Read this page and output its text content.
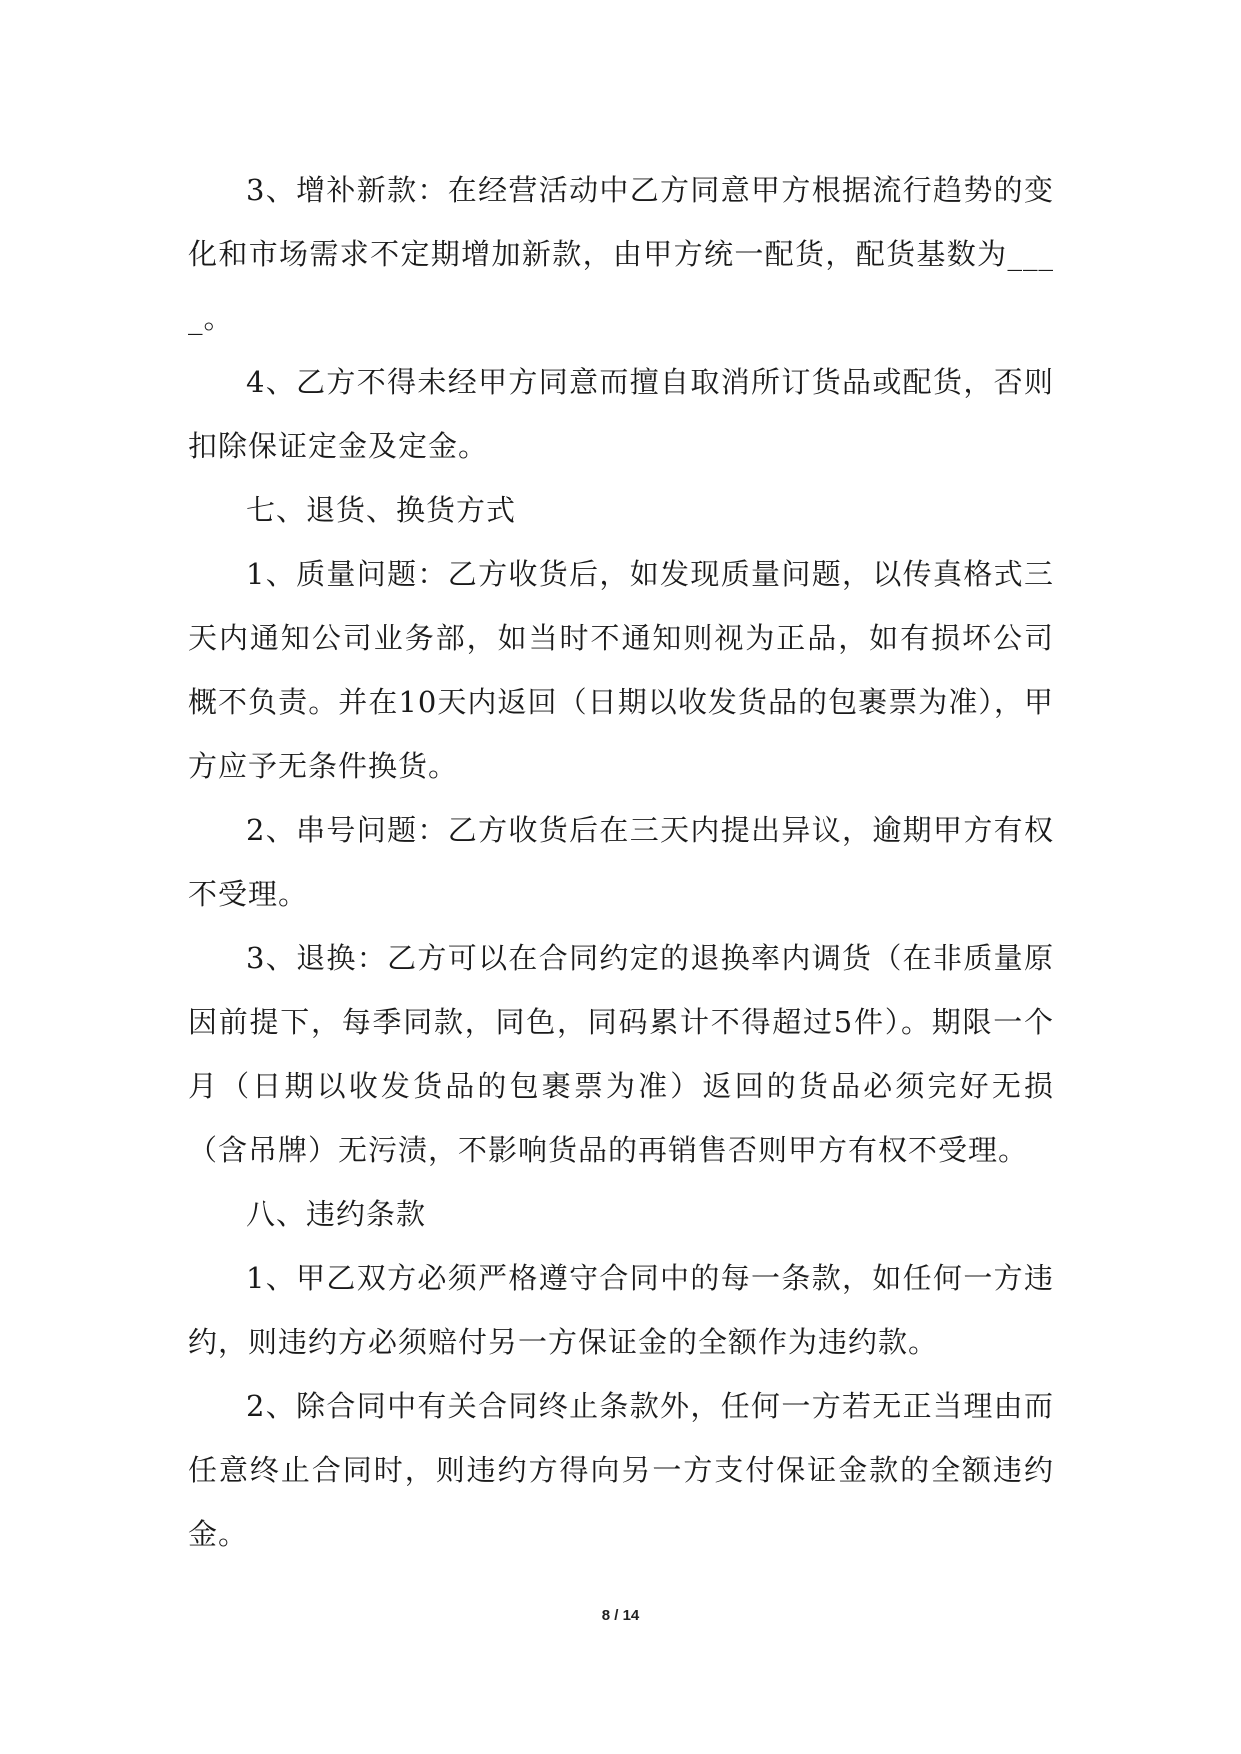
3、增补新款：在经营活动中乙方同意甲方根据流行趋势的变化和市场需求不定期增加新款，由甲方统一配货，配货基数为____。

4、乙方不得未经甲方同意而擅自取消所订货品或配货，否则扣除保证定金及定金。

七、退货、换货方式

1、质量问题：乙方收货后，如发现质量问题，以传真格式三天内通知公司业务部，如当时不通知则视为正品，如有损坏公司概不负责。并在10天内返回（日期以收发货品的包裹票为准），甲方应予无条件换货。

2、串号问题：乙方收货后在三天内提出异议，逾期甲方有权不受理。

3、退换：乙方可以在合同约定的退换率内调货（在非质量原因前提下，每季同款，同色，同码累计不得超过5件）。期限一个月（日期以收发货品的包裹票为准）返回的货品必须完好无损（含吊牌）无污渍，不影响货品的再销售否则甲方有权不受理。

八、违约条款

1、甲乙双方必须严格遵守合同中的每一条款，如任何一方违约，则违约方必须赔付另一方保证金的全额作为违约款。

2、除合同中有关合同终止条款外，任何一方若无正当理由而任意终止合同时，则违约方得向另一方支付保证金款的全额违约金。

8 / 14
